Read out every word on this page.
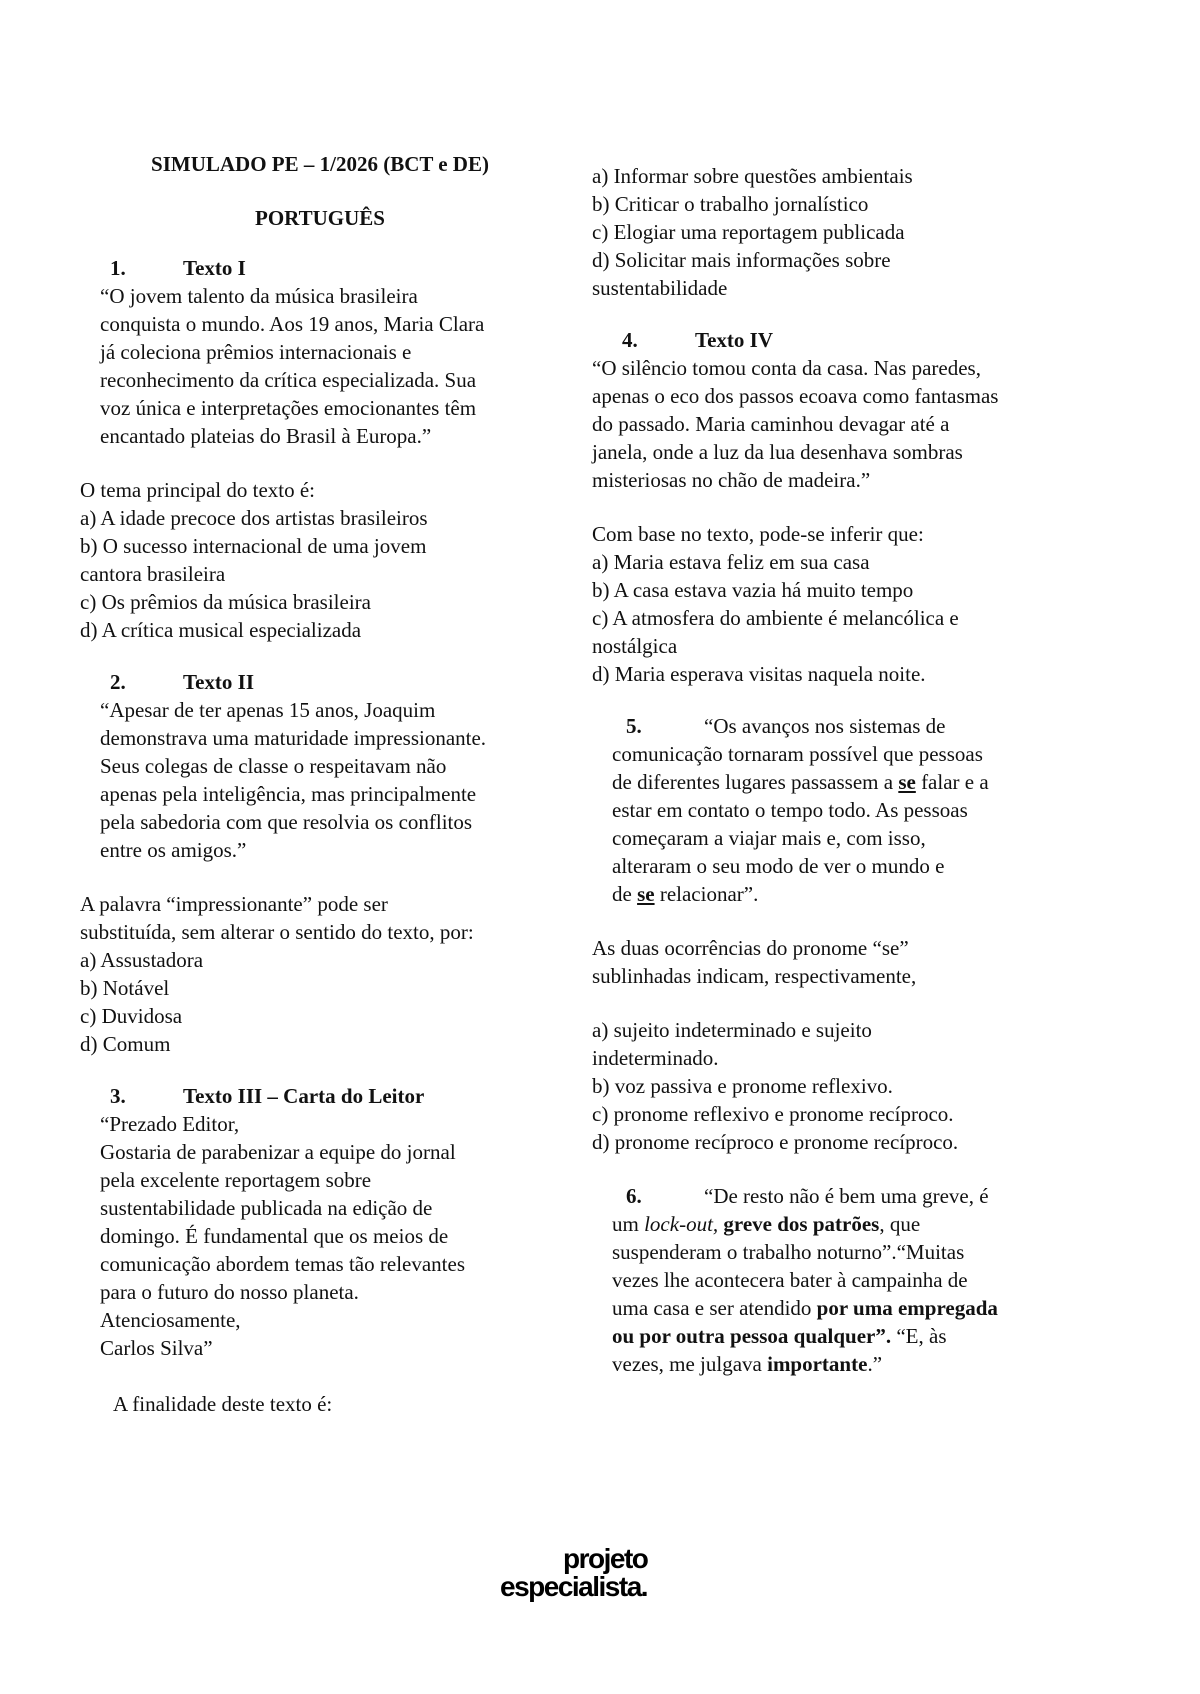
SIMULADO PE – 1/2026 (BCT e DE)

PORTUGUÊS

1.	Texto I

“O jovem talento da música brasileira

conquista o mundo. Aos 19 anos, Maria Clara

já coleciona prêmios internacionais e

reconhecimento da crítica especializada. Sua

voz única e interpretações emocionantes têm

encantado plateias do Brasil à Europa.”

O tema principal do texto é:

a) A idade precoce dos artistas brasileiros

b) O sucesso internacional de uma jovem

cantora brasileira

c) Os prêmios da música brasileira

d) A crítica musical especializada

2.	Texto II

“Apesar de ter apenas 15 anos, Joaquim

demonstrava uma maturidade impressionante.

Seus colegas de classe o respeitavam não

apenas pela inteligência, mas principalmente

pela sabedoria com que resolvia os conflitos

entre os amigos.”

A palavra “impressionante” pode ser

substituída, sem alterar o sentido do texto, por:

a) Assustadora

b) Notável

c) Duvidosa

d) Comum

3.	Texto III – Carta do Leitor

“Prezado Editor,

Gostaria de parabenizar a equipe do jornal

pela excelente reportagem sobre

sustentabilidade publicada na edição de

domingo. É fundamental que os meios de

comunicação abordem temas tão relevantes

para o futuro do nosso planeta.

Atenciosamente,

Carlos Silva”

A finalidade deste texto é:

a) Informar sobre questões ambientais

b) Criticar o trabalho jornalístico

c) Elogiar uma reportagem publicada

d) Solicitar mais informações sobre

sustentabilidade

4.	Texto IV

“O silêncio tomou conta da casa. Nas paredes,

apenas o eco dos passos ecoava como fantasmas

do passado. Maria caminhou devagar até a

janela, onde a luz da lua desenhava sombras

misteriosas no chão de madeira.”

Com base no texto, pode-se inferir que:

a) Maria estava feliz em sua casa

b) A casa estava vazia há muito tempo

c) A atmosfera do ambiente é melancólica e

nostálgica

d) Maria esperava visitas naquela noite.

5.	“Os avanços nos sistemas de

comunicação tornaram possível que pessoas

de diferentes lugares passassem a se falar e a

estar em contato o tempo todo. As pessoas

começaram a viajar mais e, com isso,

alteraram o seu modo de ver o mundo e

de se relacionar”.

As duas ocorrências do pronome “se”

sublinhadas indicam, respectivamente,

a) sujeito indeterminado e sujeito

indeterminado.

b) voz passiva e pronome reflexivo.

c) pronome reflexivo e pronome recíproco.

d) pronome recíproco e pronome recíproco.

6.	“De resto não é bem uma greve, é

um lock-out, greve dos patrões, que

suspenderam o trabalho noturno”.“Muitas

vezes lhe acontecera bater à campainha de

uma casa e ser atendido por uma empregada

ou por outra pessoa qualquer”. “E, às

vezes, me julgava importante.”

projeto
especialista.
